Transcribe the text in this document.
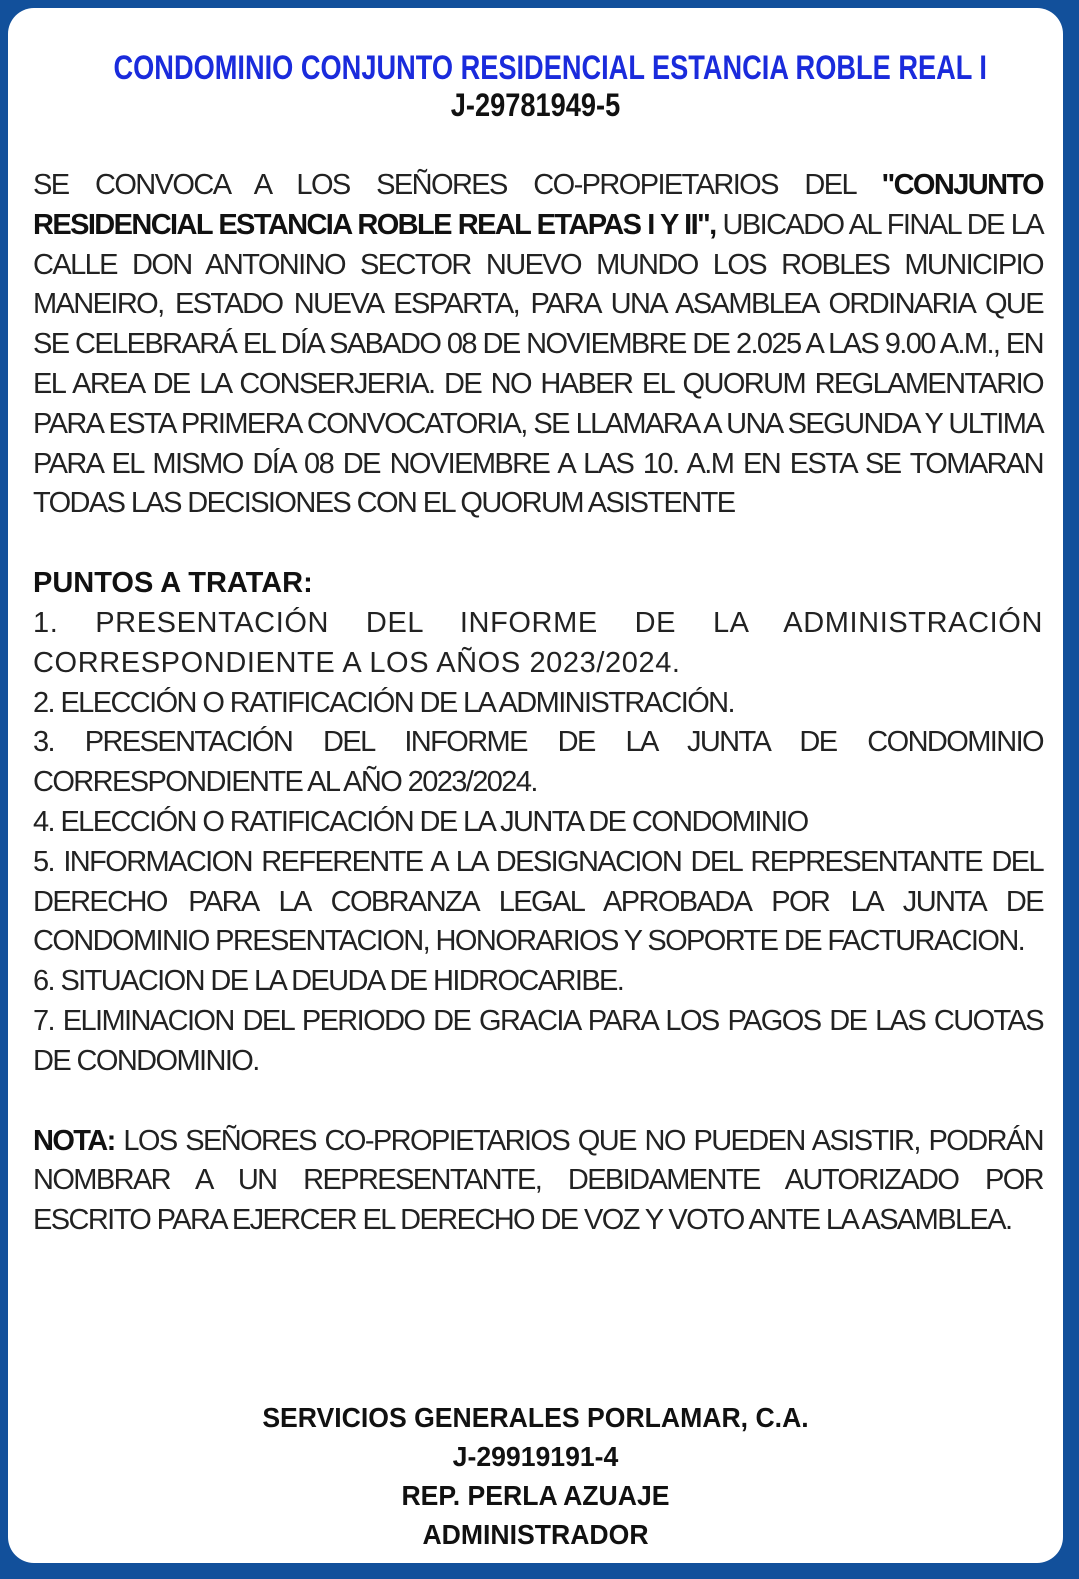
CONDOMINIO CONJUNTO RESIDENCIAL ESTANCIA ROBLE REAL I
J-29781949-5

SE CONVOCA A LOS SEÑORES CO-PROPIETARIOS DEL "CONJUNTO RESIDENCIAL ESTANCIA ROBLE REAL ETAPAS I Y II", UBICADO AL FINAL DE LA CALLE DON ANTONINO SECTOR NUEVO MUNDO LOS ROBLES MUNICIPIO MANEIRO, ESTADO NUEVA ESPARTA, PARA UNA ASAMBLEA ORDINARIA QUE SE CELEBRARÁ EL DÍA SABADO 08 DE NOVIEMBRE DE 2.025 A LAS 9.00 A.M., EN EL AREA DE LA CONSERJERIA. DE NO HABER EL QUORUM REGLAMENTARIO PARA ESTA PRIMERA CONVOCATORIA, SE LLAMARA A UNA SEGUNDA Y ULTIMA PARA EL MISMO DÍA 08 DE NOVIEMBRE A LAS 10. A.M EN ESTA SE TOMARAN TODAS LAS DECISIONES CON EL QUORUM ASISTENTE

PUNTOS A TRATAR:

1. PRESENTACIÓN DEL INFORME DE LA ADMINISTRACIÓN CORRESPONDIENTE A LOS AÑOS 2023/2024.

2. ELECCIÓN O RATIFICACIÓN DE LA ADMINISTRACIÓN.

3. PRESENTACIÓN DEL INFORME DE LA JUNTA DE CONDOMINIO CORRESPONDIENTE AL AÑO 2023/2024.

4. ELECCIÓN O RATIFICACIÓN DE LA JUNTA DE CONDOMINIO

5. INFORMACION REFERENTE A LA DESIGNACION DEL REPRESENTANTE DEL DERECHO PARA LA COBRANZA LEGAL APROBADA POR LA JUNTA DE CONDOMINIO PRESENTACION, HONORARIOS Y SOPORTE DE FACTURACION.

6. SITUACION DE LA DEUDA DE HIDROCARIBE.

7. ELIMINACION DEL PERIODO DE GRACIA PARA LOS PAGOS DE LAS CUOTAS DE CONDOMINIO.

NOTA: LOS SEÑORES CO-PROPIETARIOS QUE NO PUEDEN ASISTIR, PODRÁN NOMBRAR A UN REPRESENTANTE, DEBIDAMENTE AUTORIZADO POR ESCRITO PARA EJERCER EL DERECHO DE VOZ Y VOTO ANTE LA ASAMBLEA.

SERVICIOS GENERALES PORLAMAR, C.A.
J-29919191-4
REP. PERLA AZUAJE
ADMINISTRADOR
